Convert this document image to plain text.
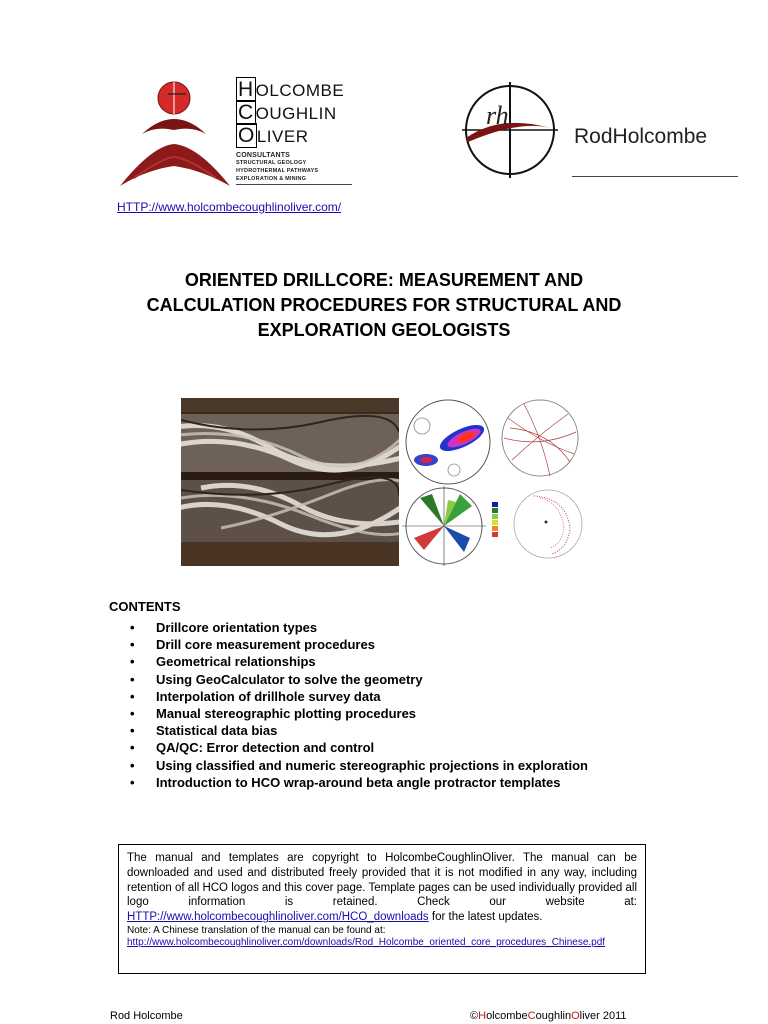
H OLCOMBE
C OUGHLIN
O LIVER
CONSULTANTS
STRUCTURAL GEOLOGY
HYDROTHERMAL PATHWAYS
EXPLORATION & MINING
rh
RodHolcombe
HTTP://www.holcombecoughlinoliver.com/
ORIENTED DRILLCORE: MEASUREMENT AND
CALCULATION PROCEDURES FOR STRUCTURAL AND
EXPLORATION GEOLOGISTS
CONTENTS
• Drillcore orientation types
• Drill core measurement procedures
• Geometrical relationships
• Using GeoCalculator to solve the geometry
• Interpolation of drillhole survey data
• Manual stereographic plotting procedures
• Statistical data bias
• QA/QC: Error detection and control
• Using classified and numeric stereographic projections in exploration
• Introduction to HCO wrap-around beta angle protractor templates

The manual and templates are copyright to HolcombeCoughlinOliver. The manual can be downloaded and used and distributed freely provided that it is not modified in any way, including retention of all HCO logos and this cover page. Template pages can be used individually provided all logo information is retained. Check our website at: HTTP://www.holcombecoughlinoliver.com/HCO_downloads for the latest updates.

Note: A Chinese translation of the manual can be found at:

http://www.holcombecoughlinoliver.com/downloads/Rod_Holcombe_oriented_core_procedures_Chinese.pdf

Rod Holcombe	©HolcombeCoughlinOliver 2011
